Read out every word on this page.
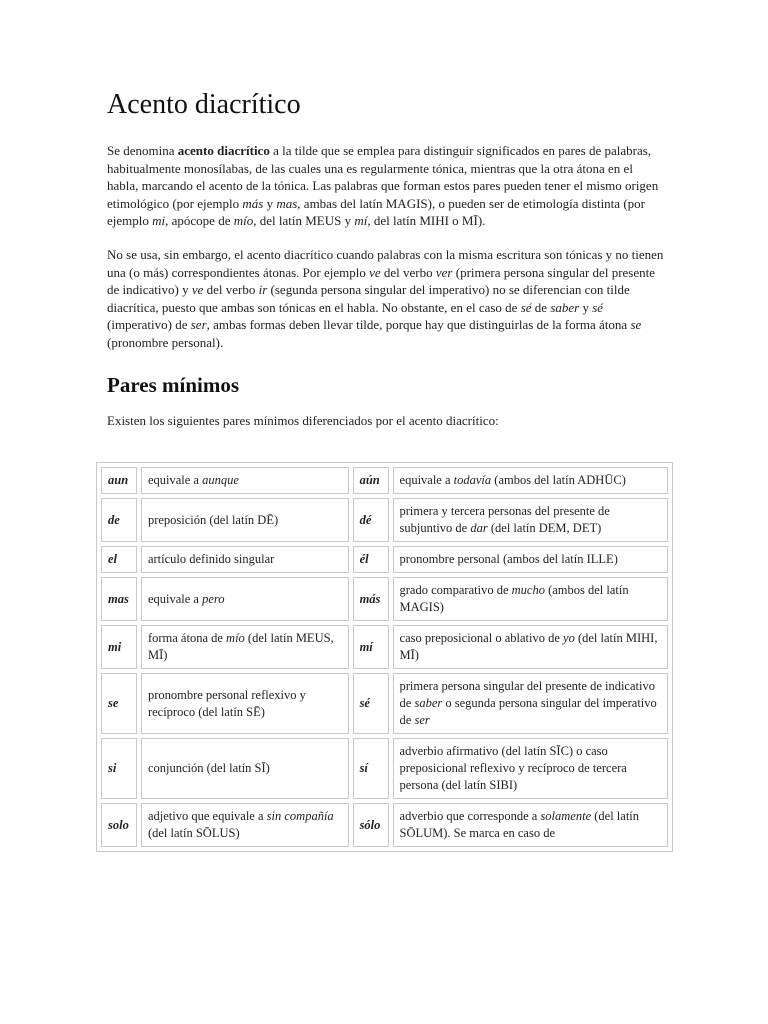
Acento diacrítico

Se denomina acento diacrítico a la tilde que se emplea para distinguir significados en pares de palabras, habitualmente monosílabas, de las cuales una es regularmente tónica, mientras que la otra átona en el habla, marcando el acento de la tónica. Las palabras que forman estos pares pueden tener el mismo origen etimológico (por ejemplo más y mas, ambas del latín MAGIS), o pueden ser de etimología distinta (por ejemplo mi, apócope de mío, del latín MEUS y mí, del latín MIHI o MĪ).

No se usa, sin embargo, el acento diacrítico cuando palabras con la misma escritura son tónicas y no tienen una (o más) correspondientes átonas. Por ejemplo ve del verbo ver (primera persona singular del presente de indicativo) y ve del verbo ir (segunda persona singular del imperativo) no se diferencian con tilde diacrítica, puesto que ambas son tónicas en el habla. No obstante, en el caso de sé de saber y sé (imperativo) de ser, ambas formas deben llevar tilde, porque hay que distinguirlas de la forma átona se (pronombre personal).

Pares mínimos

Existen los siguientes pares mínimos diferenciados por el acento diacrítico:

aun	equivale a aunque	aún	equivale a todavía (ambos del latín ADHŪC)
de	preposición (del latín DĒ)	dé	primera y tercera personas del presente de subjuntivo de dar (del latín DEM, DET)
el	artículo definido singular	él	pronombre personal (ambos del latín ILLE)
mas	equivale a pero	más	grado comparativo de mucho (ambos del latín MAGIS)
mi	forma átona de mío (del latín MEUS, MĪ)	mí	caso preposicional o ablativo de yo (del latín MIHI, MĪ)
se	pronombre personal reflexivo y recíproco (del latín SĒ)	sé	primera persona singular del presente de indicativo de saber o segunda persona singular del imperativo de ser
si	conjunción (del latín SĪ)	sí	adverbio afirmativo (del latín SĪC) o caso preposicional reflexivo y recíproco de tercera persona (del latín SIBI)
solo	adjetivo que equivale a sin compañía (del latín SŌLUS)	sólo	adverbio que corresponde a solamente (del latín SŌLUM). Se marca en caso de
